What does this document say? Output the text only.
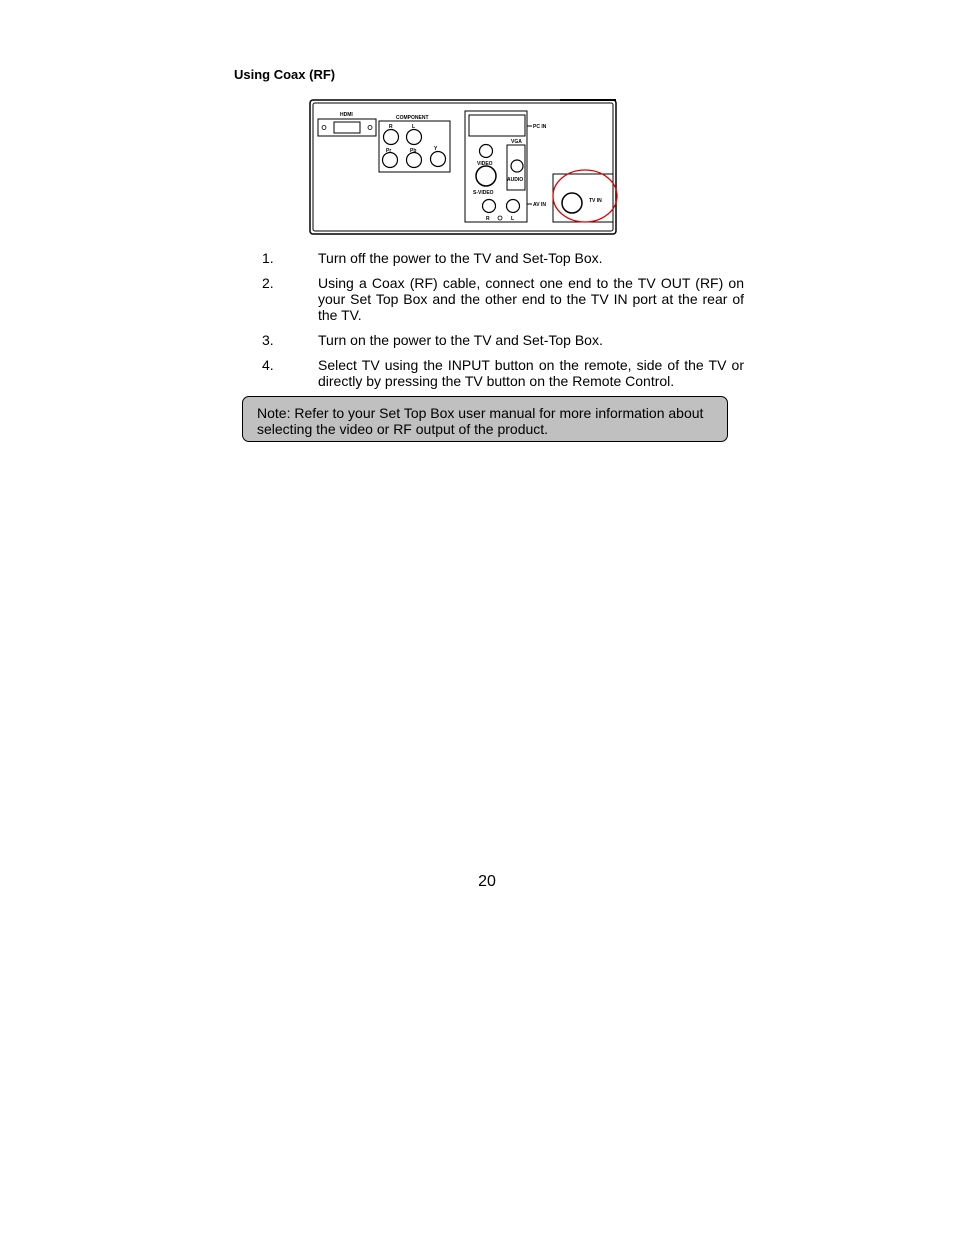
Using Coax (RF)
HDMI	COMPONENT
R	L
Pr	Pb	Y
PC IN
VGA
AUDIO
VIDEO
S-VIDEO
R	L
AV IN
TV IN
1.	Turn off the power to the TV and Set-Top Box.
2.	Using a Coax (RF) cable, connect one end to the TV OUT (RF) on your Set Top Box and the other end to the TV IN port at the rear of the TV.
3.	Turn on the power to the TV and Set-Top Box.
4.	Select TV using the INPUT button on the remote, side of the TV or directly by pressing the TV button on the Remote Control.
Note: Refer to your Set Top Box user manual for more information about selecting the video or RF output of the product.
20
